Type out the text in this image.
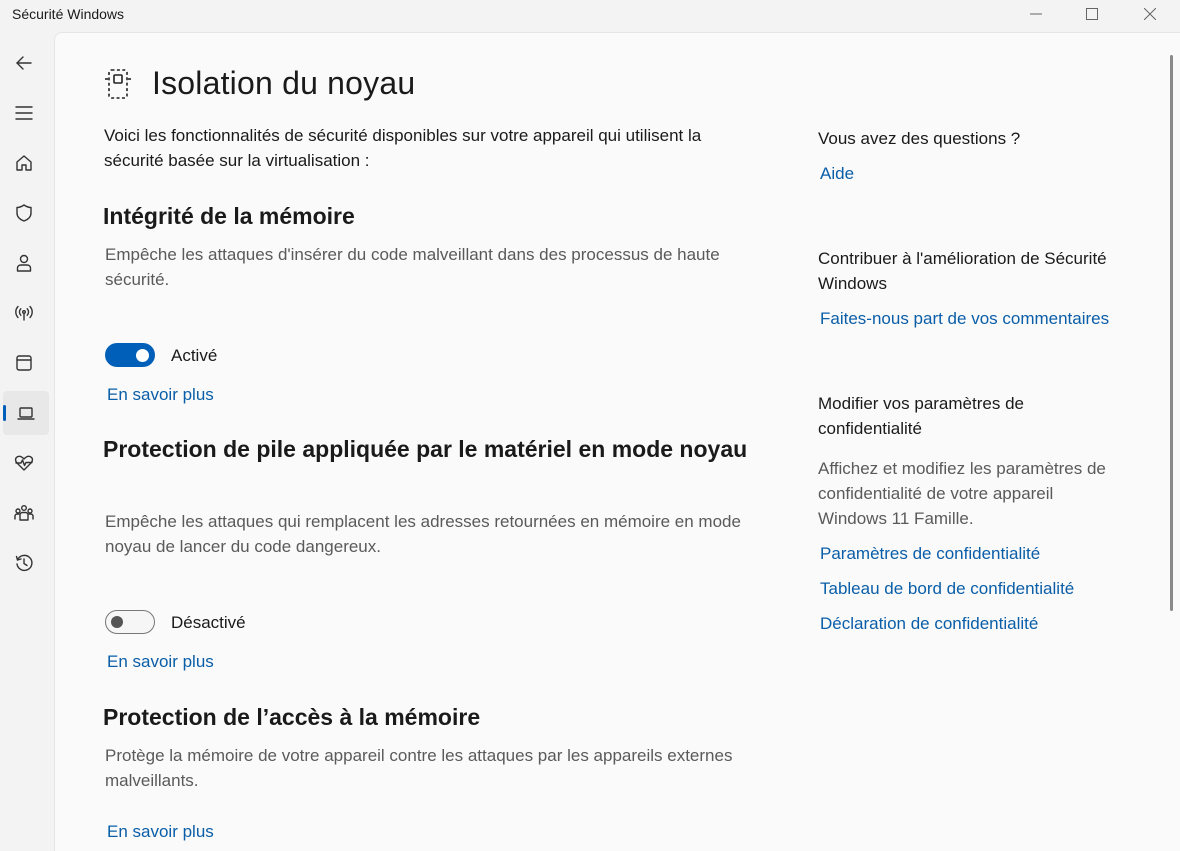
Sécurité Windows
Isolation du noyau

Voici les fonctionnalités de sécurité disponibles sur votre appareil qui utilisent la sécurité basée sur la virtualisation :

Intégrité de la mémoire

Empêche les attaques d'insérer du code malveillant dans des processus de haute sécurité.

Activé
En savoir plus
Protection de pile appliquée par le matériel en mode noyau

Empêche les attaques qui remplacent les adresses retournées en mémoire en mode noyau de lancer du code dangereux.

Désactivé
En savoir plus
Protection de l’accès à la mémoire

Protège la mémoire de votre appareil contre les attaques par les appareils externes malveillants.

En savoir plus

Vous avez des questions ?

Aide

Contribuer à l'amélioration de Sécurité Windows

Faites-nous part de vos commentaires

Modifier vos paramètres de confidentialité

Affichez et modifiez les paramètres de confidentialité de votre appareil Windows 11 Famille.

Paramètres de confidentialité
Tableau de bord de confidentialité
Déclaration de confidentialité
